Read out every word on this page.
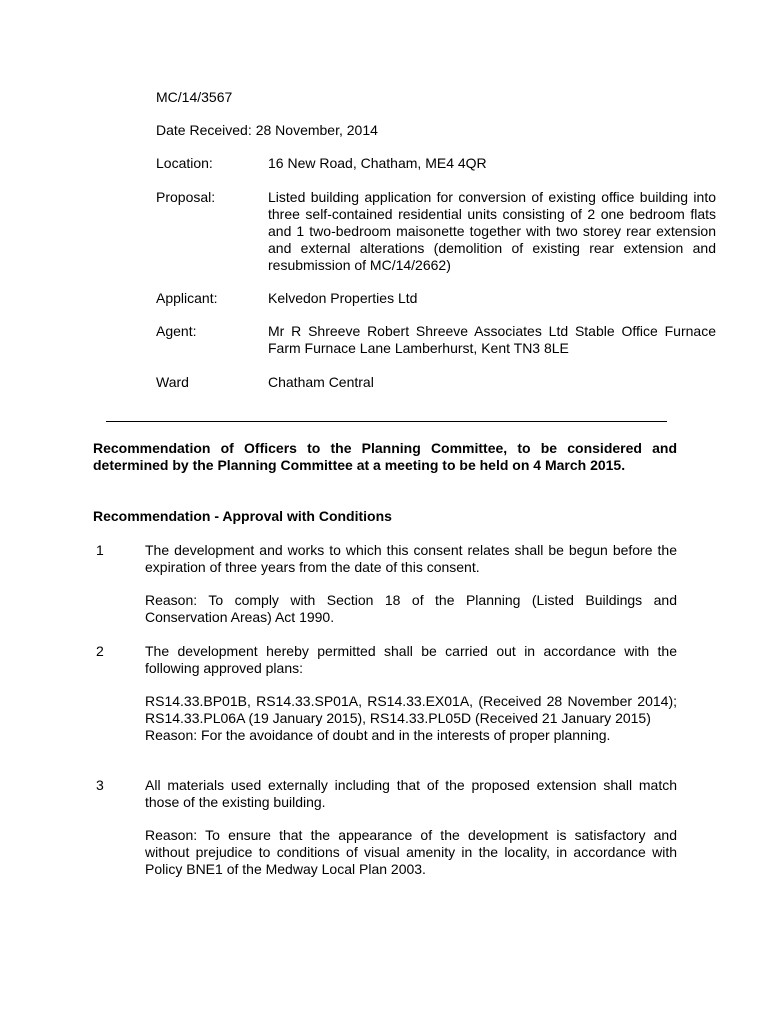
MC/14/3567
Date Received: 28 November, 2014
Location:	16 New Road, Chatham, ME4 4QR
Proposal:	Listed building application for conversion of existing office building into three self-contained residential units consisting of 2 one bedroom flats and 1 two-bedroom maisonette together with two storey rear extension and external alterations (demolition of existing rear extension and resubmission of MC/14/2662)
Applicant:	Kelvedon Properties Ltd
Agent:	Mr R Shreeve Robert Shreeve Associates Ltd Stable Office Furnace Farm Furnace Lane Lamberhurst, Kent TN3 8LE
Ward	Chatham Central
Recommendation of Officers to the Planning Committee, to be considered and determined by the Planning Committee at a meeting to be held on 4 March 2015.
Recommendation - Approval with Conditions
1	The development and works to which this consent relates shall be begun before the expiration of three years from the date of this consent.

Reason: To comply with Section 18 of the Planning (Listed Buildings and Conservation Areas) Act 1990.

2	The development hereby permitted shall be carried out in accordance with the following approved plans:

RS14.33.BP01B, RS14.33.SP01A, RS14.33.EX01A, (Received 28 November 2014); RS14.33.PL06A (19 January 2015), RS14.33.PL05D (Received 21 January 2015)

Reason: For the avoidance of doubt and in the interests of proper planning.

3	All materials used externally including that of the proposed extension shall match those of the existing building.

Reason: To ensure that the appearance of the development is satisfactory and without prejudice to conditions of visual amenity in the locality, in accordance with Policy BNE1 of the Medway Local Plan 2003.
